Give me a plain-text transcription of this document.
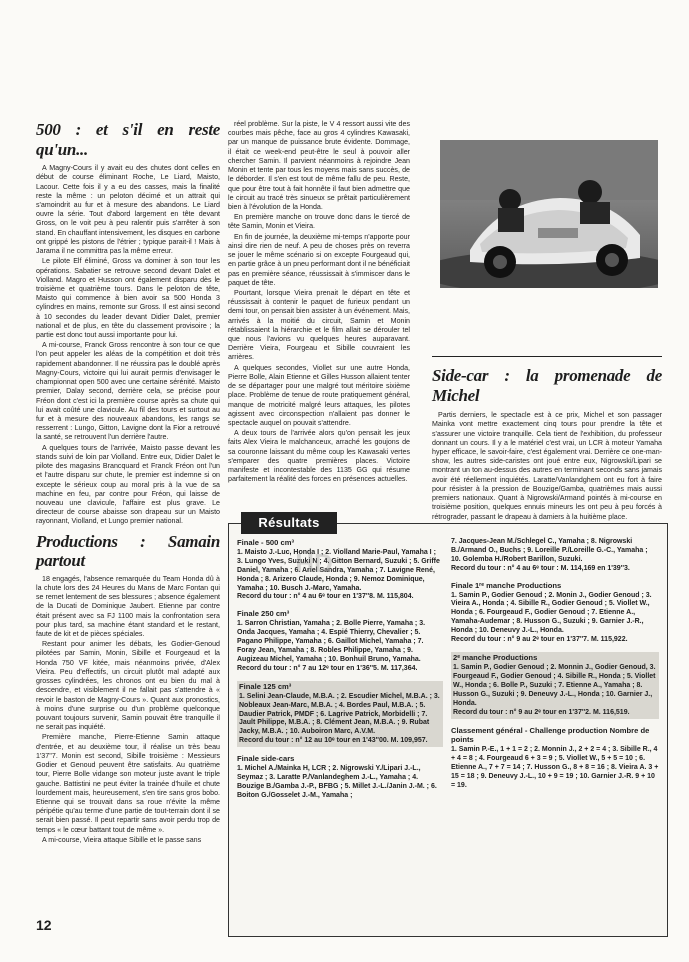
500 : et s'il en reste qu'un...

A Magny-Cours il y avait eu des chutes dont celles en début de course éliminant Roche, Le Liard, Maisto, Lacour. Cette fois il y a eu des casses, mais la finalité reste la même : un peloton décimé et un attrait qui s'amoindrit au fur et à mesure des abandons. Le Liard ouvre la série. Tout d'abord largement en tête devant Gross, on le voit peu à peu ralentir puis s'arrêter à son stand. En chauffant intensivement, les disques en carbone ont grippé les pistons de l'étrier ; typique parait-il ! Mais à Jarama il ne committra pas la même erreur.

Le pilote Elf éliminé, Gross va dominer à son tour les opérations. Sabatier se retrouve second devant Dalet et Violland. Magro et Husson ont également disparu dès le troisième et quatrième tours. Dans le peloton de tête, Maisto qui commence à bien avoir sa 500 Honda 3 cylindres en mains, remonte sur Gross. Il est ainsi second à 10 secondes du leader devant Didier Dalet, premier national et de plus, en tête du classement provisoire ; la partie est donc tout aussi importante pour lui.

A mi-course, Franck Gross rencontre à son tour ce que l'on peut appeler les aléas de la compétition et doit très rapidement abandonner. Il ne réussira pas le doublé après Magny-Cours, victoire qui lui aurait permis d'envisager le championnat open 500 avec une certaine sérénité. Maisto premier, Dalay second, derrière cela, se précise pour Fréon dont c'est ici la première course après sa chute qui lui avait coûté une clavicule. Au fil des tours et surtout au fur et à mesure des nouveaux abandons, les rangs se resserrent : Lungo, Gitton, Lavigne dont la Fior a retrouvé la santé, se retrouvent l'un derrière l'autre.

A quelques tours de l'arrivée, Maisto passe devant les stands suivi de loin par Violland. Entre eux, Didier Dalet le pilote des magasins Brancquard et Franck Fréon ont l'un et l'autre disparu sur chute, le premier est indemne si on excepte le sérieux coup au moral pris à la vue de sa machine en feu, par contre pour Fréon, qui laisse de nouveau une clavicule, l'affaire est plus grave. Le directeur de course abaisse son drapeau sur un Maisto rayonnant, Violland, et Lungo premier national.

Productions : Samain partout

18 engagés, l'absence remarquée du Team Honda dû à la chute lors des 24 Heures du Mans de Marc Fontan qui se remet lentement de ses blessures ; absence également de la Ducati de Dominique Jaubert. Etienne par contre était présent avec sa FJ 1100 mais la confrontation sera pour plus tard, sa machine étant standard et le restant, faute de kit et de pièces spéciales.

Restant pour animer les débats, les Godier-Genoud pilotées par Samin, Monin, Sibille et Fourgeaud et la Honda 750 VF kitée, mais néanmoins privée, d'Alex Vieira. Peu d'effectifs, un circuit plutôt mal adapté aux grosses cylindrées, les chronos ont eu bien du mal à descendre, et visiblement il ne fallait pas s'attendre à « revoir le baston de Magny-Cours ». Quant aux pronostics, à moins d'une surprise ou d'un problème quelconque pouvant toujours survenir, Samin pouvait être tranquille il ne serait pas inquiété.

Première manche, Pierre-Etienne Samin attaque d'entrée, et au deuxième tour, il réalise un très beau 1'37''7. Monin est second, Sibille troisième : Messieurs Godier et Genoud peuvent être satisfaits. Au quatrième tour, Pierre Bolle vidange son moteur juste avant le triple gauche. Battistini ne peut éviter la trainée d'huile et chute lourdement mais, heureusement, s'en tire sans gros bobo. Etienne qui se trouvait dans sa roue n'évite la même péripétie qu'au terme d'une partie de tout-terrain dont il se serait bien passé. Il peut repartir sans avoir perdu trop de temps « le cœur battant tout de même ».

A mi-course, Vieira attaque Sibille et le passe sans

réel problème. Sur la piste, le V 4 ressort aussi vite des courbes mais pêche, face au gros 4 cylindres Kawasaki, par un manque de puissance brute évidente. Dommage, il était ce week-end peut-être le seul à pouvoir aller chercher Samin. Il parvient néanmoins à rejoindre Jean Monin et tente par tous les moyens mais sans succès, de le déborder. Il s'en est tout de même fallu de peu. Reste, que pour être tout à fait honnête il faut bien admettre que le circuit au tracé très sinueux se prêtait particulièrement bien à l'évolution de la Honda.

En première manche on trouve donc dans le tiercé de tête Samin, Monin et Vieira.

En fin de journée, la deuxième mi-temps n'apporte pour ainsi dire rien de neuf. A peu de choses près on reverra se jouer le même scénario si on excepte Fourgeaud qui, en partie grâce à un pneu performant dont il ne bénéficiait pas en première séance, réussissait à s'immiscer dans le paquet de tête.

Pourtant, lorsque Vieira prenait le départ en tête et réussissait à contenir le paquet de furieux pendant un demi tour, on pensait bien assister à un événement. Mais, arrivés à la moitié du circuit, Samin et Monin rétablissaient la hiérarchie et le film allait se dérouler tel que nous l'avions vu quelques heures auparavant. Derrière Vieira, Fourgeau et Sibille couvraient les arrières.

A quelques secondes, Viollet sur une autre Honda, Pierre Bolle, Alain Etienne et Gilles Husson allaient tenter de se départager pour une malgré tout méritoire sixième place. Problème de tenue de route pratiquement général, manque de motricité malgré leurs attaques, les pilotes agissent avec circonspection n'allaient pas donner le spectacle auquel on pouvait s'attendre.

A deux tours de l'arrivée alors qu'on pensait les jeux faits Alex Vieira le malchanceux, arraché les goujons de sa couronne laissant du même coup les Kawasaki vertes s'emparer des quatre premières places. Victoire manifeste et incontestable des 1135 GG qui résume parfaitement la réalité des forces en présences actuelles.

Side-car : la promenade de Michel

Partis derniers, le spectacle est à ce prix, Michel et son passager Mainka vont mettre exactement cinq tours pour prendre la tête et s'assurer une victoire tranquille. Cela tient de l'exhibition, du professeur donnant un cours. Il y a le matériel c'est vrai, un LCR à moteur Yamaha hyper efficace, le savoir-faire, c'est également vrai. Derrière ce one-man-show, les autres side-caristes ont joué entre eux, Nigrowski/Lipari se montrant un ton au-dessus des autres en terminant seconds sans jamais avoir été réellement inquiétés. Laratte/Vanlandghem ont eu fort à faire pour résister à la pression de Bouzige/Gamba, quatrièmes mais aussi premiers nationaux. Quant à Nigrowski/Armand pointés à mi-course en troisième position, quelques ennuis mineurs les ont peu à peu forcés à rétrograder, passant le drapeau à damiers à la huitième place.

Résultats
Finale - 500 cm³
1. Maisto J.-Luc, Honda I ; 2. Violland Marie-Paul, Yamaha I ; 3. Lungo Yves, Suzuki N ; 4. Gitton Bernard, Suzuki ; 5. Griffe Daniel, Yamaha ; 6. Ariel Sandra, Yamaha ; 7. Lavigne René, Honda ; 8. Arizero Claude, Honda ; 9. Nemoz Dominique, Yamaha ; 10. Busch J.-Marc, Yamaha.
Record du tour : n° 4 au 6ᵉ tour en 1'37''8. M. 115,804.
Finale 250 cm³
1. Sarron Christian, Yamaha ; 2. Bolle Pierre, Yamaha ; 3. Onda Jacques, Yamaha ; 4. Espié Thierry, Chevalier ; 5. Pagano Philippe, Yamaha ; 6. Gaillot Michel, Yamaha ; 7. Foray Jean, Yamaha ; 8. Robles Philippe, Yamaha ; 9. Augizeau Michel, Yamaha ; 10. Bonhuil Bruno, Yamaha.
Record du tour : n° 7 au 12ᵉ tour en 1'36''5. M. 117,364.
Finale 125 cm³
1. Selini Jean-Claude, M.B.A. ; 2. Escudier Michel, M.B.A. ; 3. Nobleaux Jean-Marc, M.B.A. ; 4. Bordes Paul, M.B.A. ; 5. Daudier Patrick, PMDF ; 6. Lagrive Patrick, Morbidelli ; 7. Jault Philippe, M.B.A. ; 8. Clément Jean, M.B.A. ; 9. Rubat Jacky, M.B.A. ; 10. Auboiron Marc, A.V.M.
Record du tour : n° 12 au 10ᵉ tour en 1'43''00. M. 109,957.
Finale side-cars
1. Michel A./Mainka H, LCR ; 2. Nigrowski Y./Lipari J.-L., Seymaz ; 3. Laratte P./Vanlandeghem J.-L., Yamaha ; 4. Bouzige B./Gamba J.-P., BFBG ; 5. Millet J.-L./Janin J.-M. ; 6. Boiton G./Gosselet J.-M., Yamaha ;
7. Jacques-Jean M./Schlegel C., Yamaha ; 8. Nigrowski B./Armand O., Buchs ; 9. Loreille P./Loreille G.-C., Yamaha ; 10. Golemba H./Robert Barillon, Suzuki.
Record du tour : n° 4 au 6ᵉ tour : M. 114,169 en 1'39''3.
Finale 1ʳᵉ manche Productions
1. Samin P., Godier Genoud ; 2. Monin J., Godier Genoud ; 3. Vieira A., Honda ; 4. Sibille R., Godier Genoud ; 5. Viollet W., Honda ; 6. Fourgeaud F., Godier Genoud ; 7. Etienne A., Yamaha-Audemar ; 8. Husson G., Suzuki ; 9. Garnier J.-R., Honda ; 10. Deneuvy J.-L., Honda.
Record du tour : n° 9 au 2ᵉ tour en 1'37''7. M. 115,922.
2ᵉ manche Productions
1. Samin P., Godier Genoud ; 2. Monnin J., Godier Genoud, 3. Fourgeaud F., Godier Genoud ; 4. Sibille R., Honda ; 5. Viollet W., Honda ; 6. Bolle P., Suzuki ; 7. Etienne A., Yamaha ; 8. Husson G., Suzuki ; 9. Deneuvy J.-L., Honda ; 10. Garnier J., Honda.
Record du tour : n° 9 au 2ᵉ tour en 1'37''2. M. 116,519.
Classement général - Challenge production Nombre de points
1. Samin P.-E., 1 + 1 = 2 ; 2. Monnin J., 2 + 2 = 4 ; 3. Sibille R., 4 + 4 = 8 ; 4. Fourgeaud 6 + 3 = 9 ; 5. Viollet W., 5 + 5 = 10 ; 6. Etienne A., 7 + 7 = 14 ; 7. Husson G., 8 + 8 = 16 ; 8. Vieira A. 3 + 15 = 18 ; 9. Deneuvy J.-L., 10 + 9 = 19 ; 10. Garnier J.-R. 9 + 10 = 19.
HD
12
